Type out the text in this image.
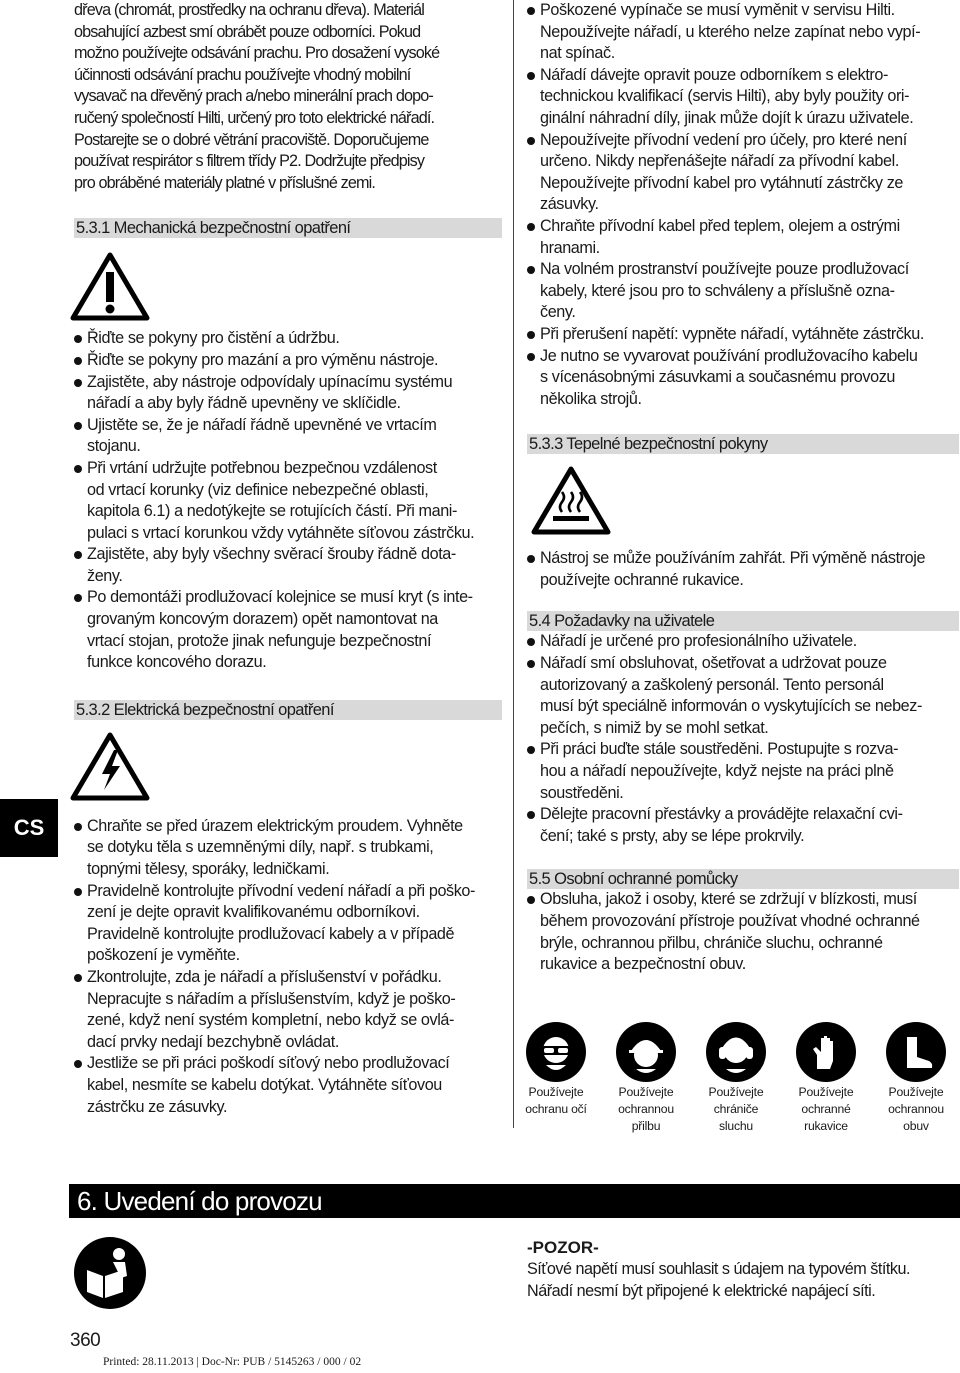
CS

dřeva (chromát, prostředky na ochranu dřeva). Materiál

obsahující azbest smí obrábět pouze odborníci. Pokud

možno používejte odsávání prachu. Pro dosažení vysoké

účinnosti odsávání prachu používejte vhodný mobilní

vysavač na dřevěný prach a/nebo minerální prach dopo-

ručený společností Hilti, určený pro toto elektrické nářadí.

Postarejte se o dobré větrání pracoviště. Doporučujeme

používat respirátor s filtrem třídy P2. Dodržujte předpisy

pro obráběné materiály platné v příslušné zemi.

5.3.1 Mechanická bezpečnostní opatření
Řiďte se pokyny pro čistění a údržbu.
Řiďte se pokyny pro mazání a pro výměnu nástroje.
Zajistěte, aby nástroje odpovídaly upínacímu systému
nářadí a aby byly řádně upevněny ve sklíčidle.
Ujistěte se, že je nářadí řádně upevněné ve vrtacím
stojanu.
Při vrtání udržujte potřebnou bezpečnou vzdálenost
od vrtací korunky (viz definice nebezpečné oblasti,
kapitola 6.1) a nedotýkejte se rotujících částí. Při mani-
pulaci s vrtací korunkou vždy vytáhněte síťovou zástrčku.
Zajistěte, aby byly všechny svěrací šrouby řádně dota-
ženy.
Po demontáži prodlužovací kolejnice se musí kryt (s inte-
grovaným koncovým dorazem) opět namontovat na
vrtací stojan, protože jinak nefunguje bezpečnostní
funkce koncového dorazu.
5.3.2 Elektrická bezpečnostní opatření
Chraňte se před úrazem elektrickým proudem. Vyhněte
se dotyku těla s uzemněnými díly, např. s trubkami,
topnými tělesy, sporáky, ledničkami.
Pravidelně kontrolujte přívodní vedení nářadí a při poško-
zení je dejte opravit kvalifikovanému odborníkovi.
Pravidelně kontrolujte prodlužovací kabely a v případě
poškození je vyměňte.
Zkontrolujte, zda je nářadí a příslušenství v pořádku.
Nepracujte s nářadím a příslušenstvím, když je poško-
zené, když není systém kompletní, nebo když se ovlá-
dací prvky nedají bezchybně ovládat.
Jestliže se při práci poškodí síťový nebo prodlužovací
kabel, nesmíte se kabelu dotýkat. Vytáhněte síťovou
zástrčku ze zásuvky.
Poškozené vypínače se musí vyměnit v servisu Hilti.
Nepoužívejte nářadí, u kterého nelze zapínat nebo vypí-
nat spínač.
Nářadí dávejte opravit pouze odborníkem s elektro-
technickou kvalifikací (servis Hilti), aby byly použity ori-
ginální náhradní díly, jinak může dojít k úrazu uživatele.
Nepoužívejte přívodní vedení pro účely, pro které není
určeno. Nikdy nepřenášejte nářadí za přívodní kabel.
Nepoužívejte přívodní kabel pro vytáhnutí zástrčky ze
zásuvky.
Chraňte přívodní kabel před teplem, olejem a ostrými
hranami.
Na volném prostranství používejte pouze prodlužovací
kabely, které jsou pro to schváleny a příslušně ozna-
čeny.
Při přerušení napětí: vypněte nářadí, vytáhněte zástrčku.
Je nutno se vyvarovat používání prodlužovacího kabelu
s vícenásobnými zásuvkami a současnému provozu
několika strojů.
5.3.3 Tepelné bezpečnostní pokyny
Nástroj se může používáním zahřát. Při výměně nástroje
používejte ochranné rukavice.
5.4 Požadavky na uživatele
Nářadí je určené pro profesionálního uživatele.
Nářadí smí obsluhovat, ošetřovat a udržovat pouze
autorizovaný a zaškolený personál. Tento personál
musí být speciálně informován o vyskytujících se nebez-
pečích, s nimiž by se mohl setkat.
Při práci buďte stále soustředěni. Postupujte s rozva-
hou a nářadí nepoužívejte, když nejste na práci plně
soustředěni.
Dělejte pracovní přestávky a provádějte relaxační cvi-
čení; také s prsty, aby se lépe prokrvily.
5.5 Osobní ochranné pomůcky
Obsluha, jakož i osoby, které se zdržují v blízkosti, musí
během provozování přístroje používat vhodné ochranné
brýle, ochrannou přilbu, chrániče sluchu, ochranné
rukavice a bezpečnostní obuv.
Používejte
ochranu očí
Používejte
ochrannou
přilbu
Používejte
chrániče
sluchu
Používejte
ochranné
rukavice
Používejte
ochrannou
obuv
6. Uvedení do provozu
-POZOR-

Síťové napětí musí souhlasit s údajem na typovém štítku.

Nářadí nesmí být připojené k elektrické napájecí síti.

360
Printed: 28.11.2013 | Doc-Nr: PUB / 5145263 / 000 / 02
